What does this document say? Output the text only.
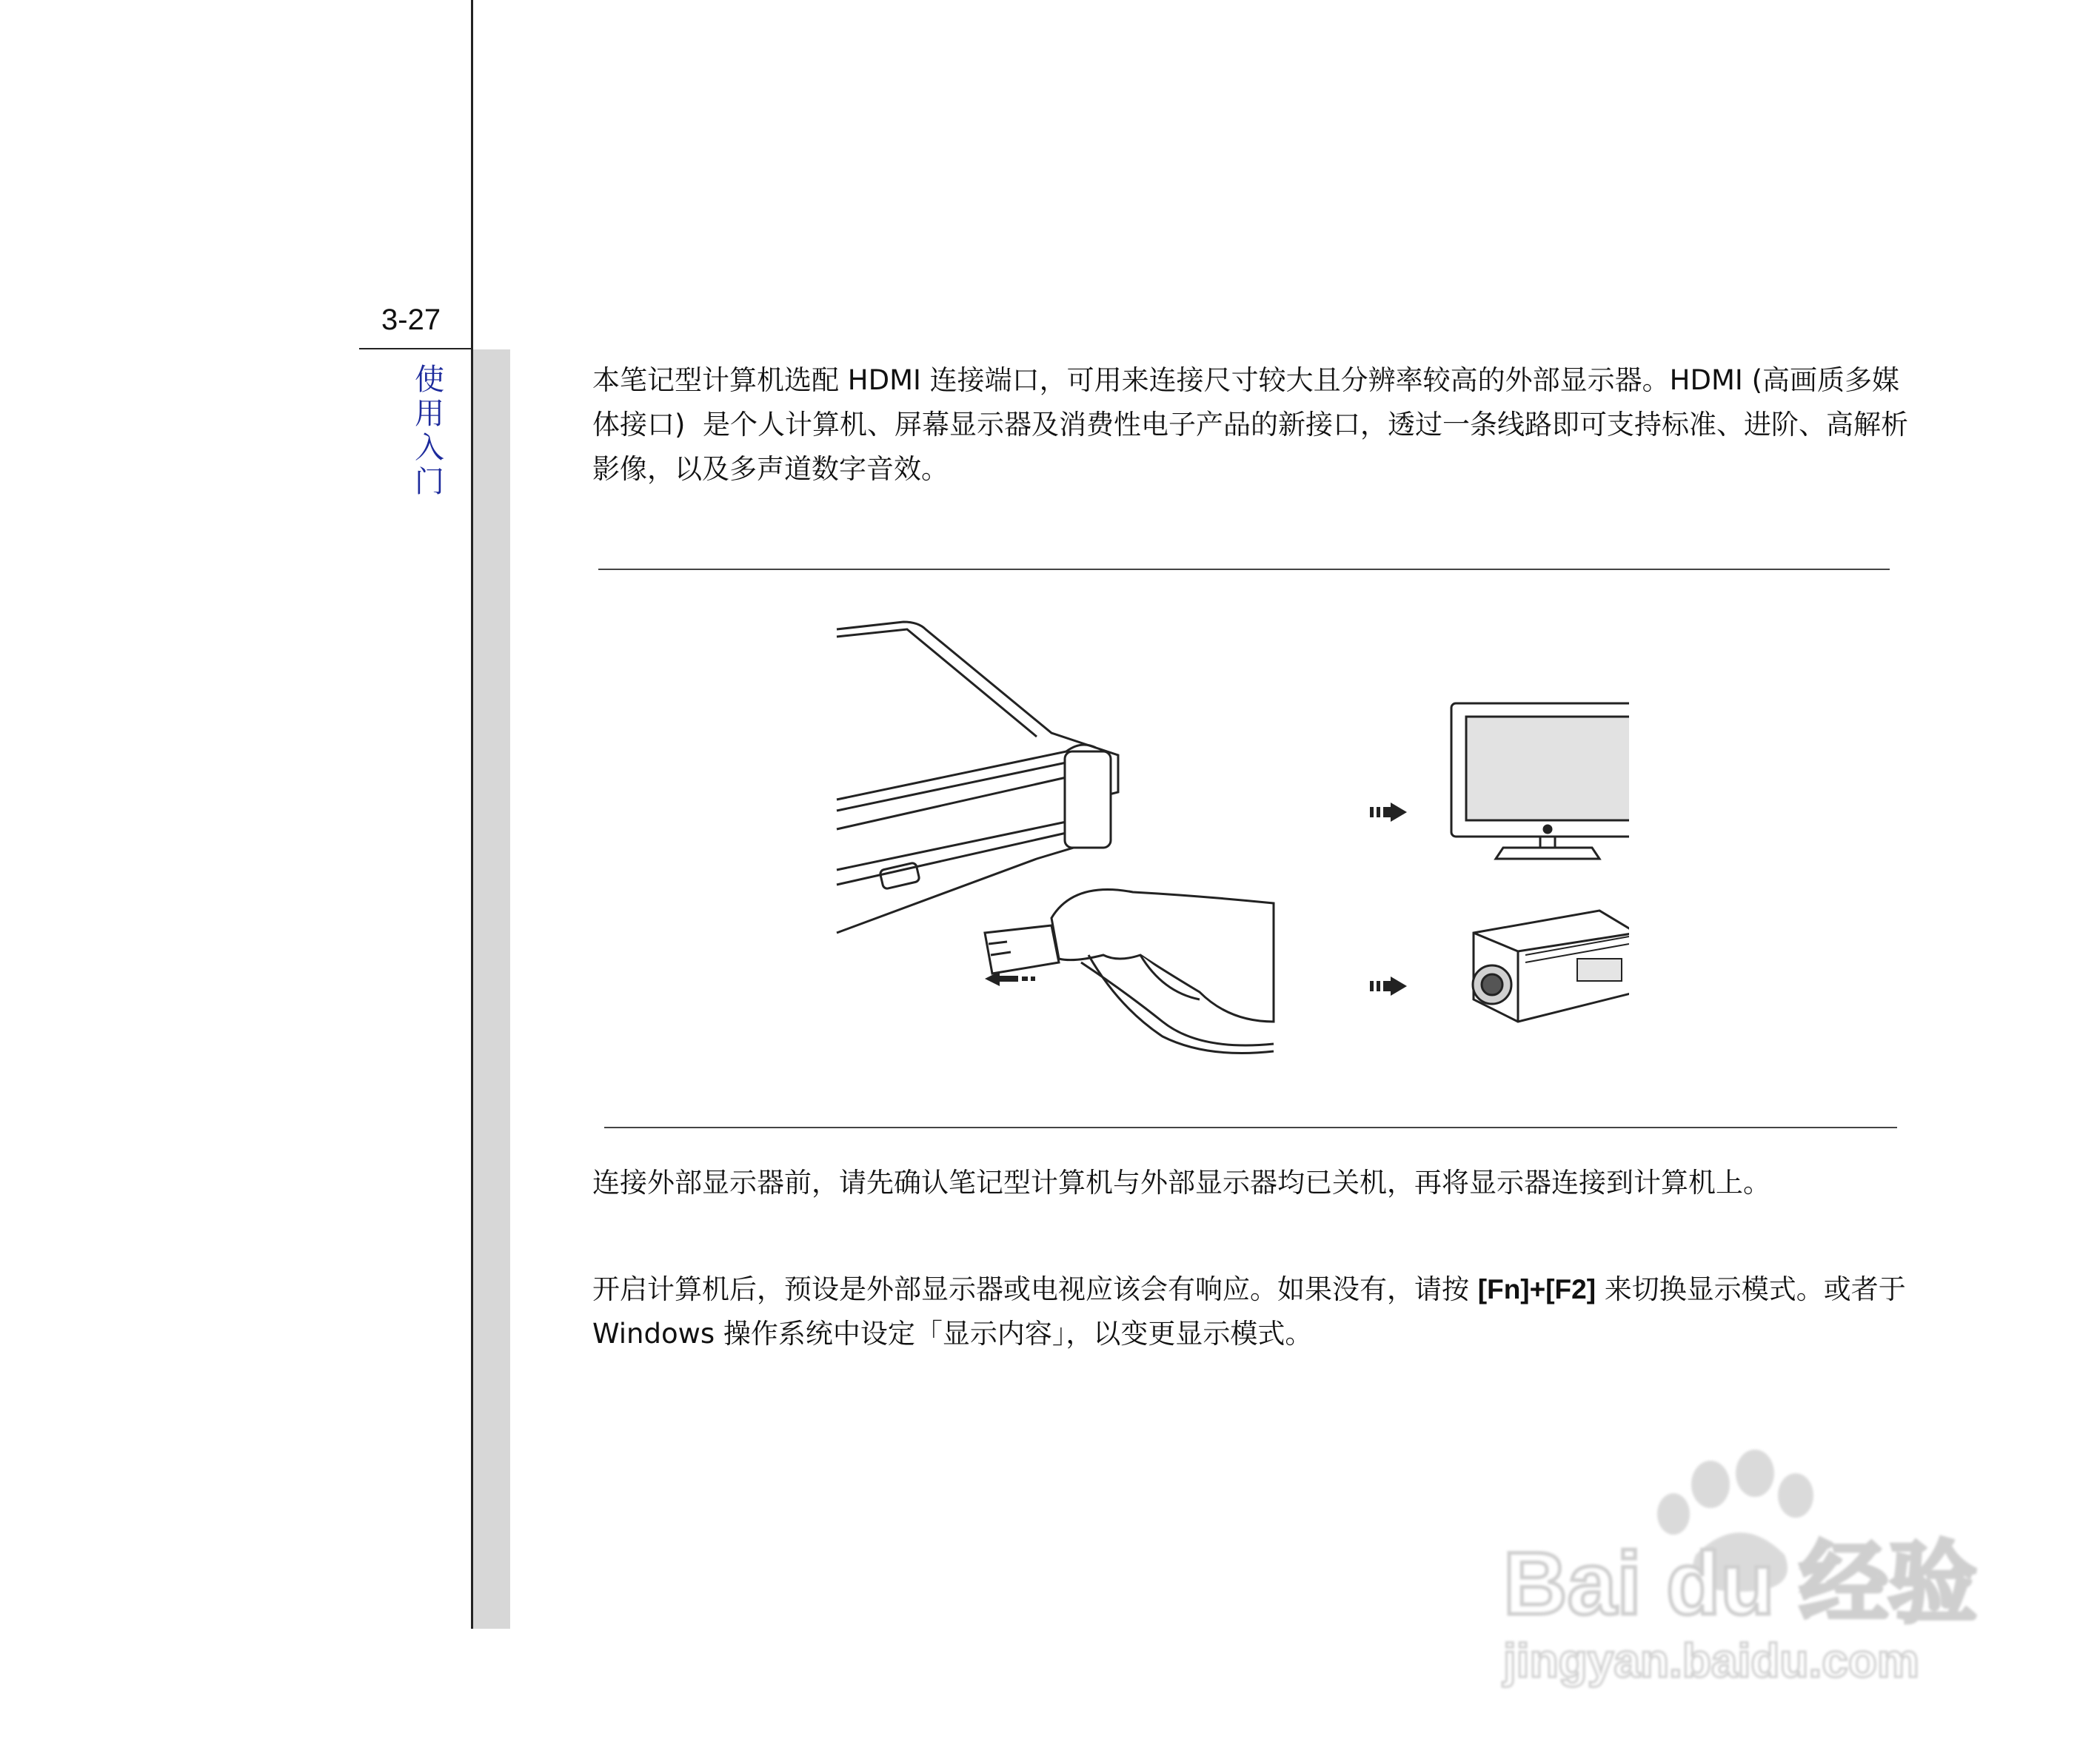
3-27
使
用
入
门
本笔记型计算机选配 HDMI 连接端口，可用来连接尺寸较大且分辨率较高的外部显示器。HDMI (高画质多媒体接口)  是个人计算机、屏幕显示器及消费性电子产品的新接口，透过一条线路即可支持标准、进阶、高解析影像，以及多声道数字音效。
连接外部显示器前，请先确认笔记型计算机与外部显示器均已关机，再将显示器连接到计算机上。
开启计算机后，预设是外部显示器或电视应该会有响应。如果没有，请按 [Fn]+[F2] 来切换显示模式。或者于 Windows 操作系统中设定「显示内容」，以变更显示模式。
Bai du 经验
jingyan.baidu.com
